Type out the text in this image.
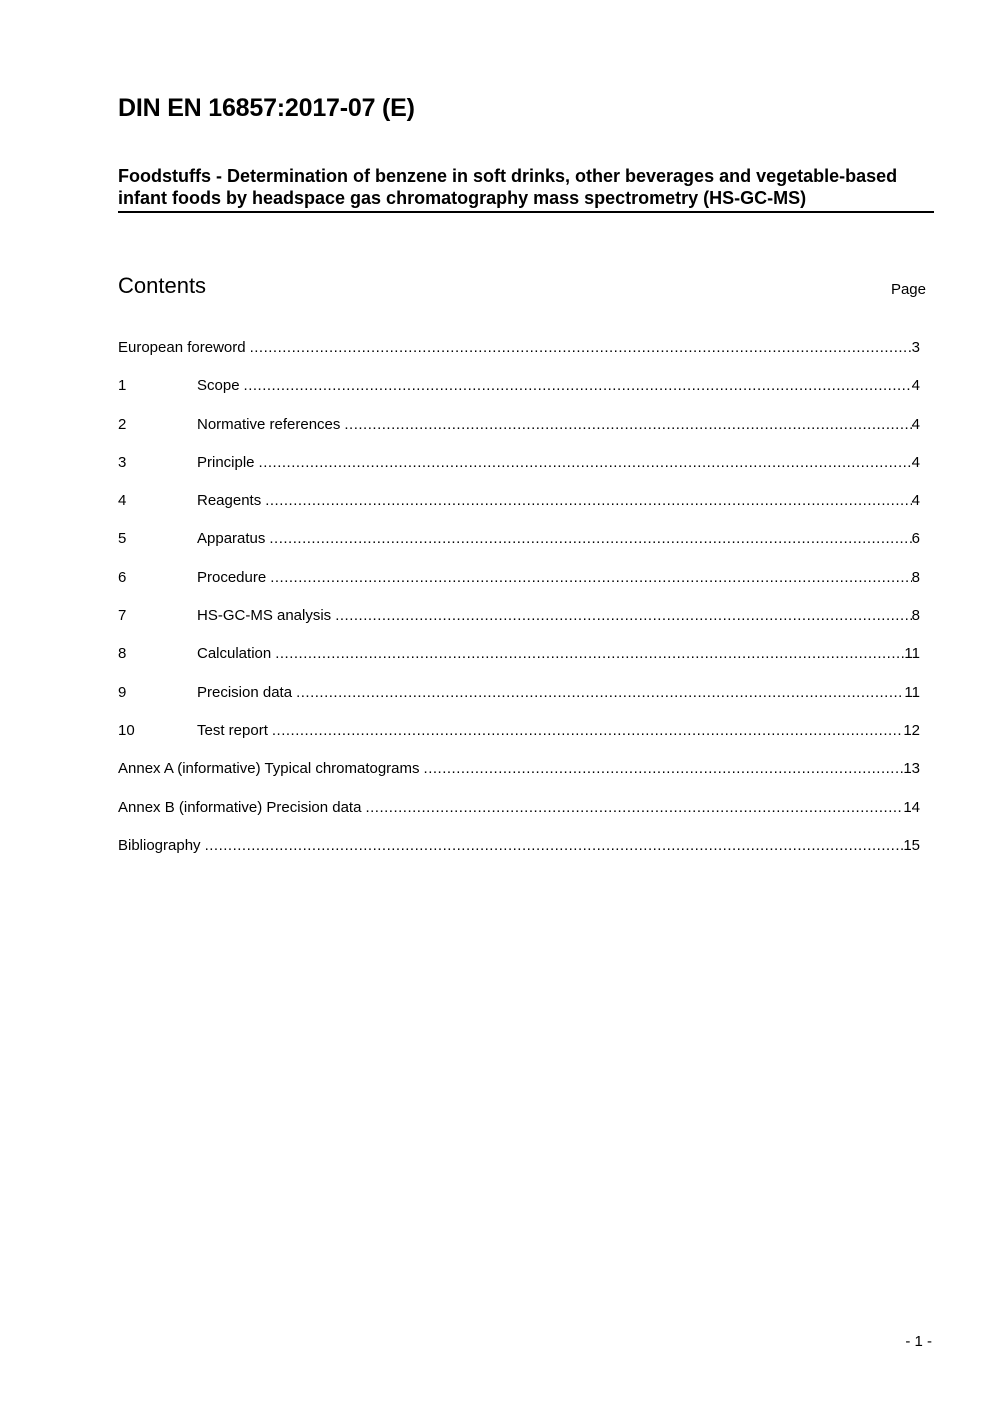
DIN EN 16857:2017-07 (E)
Foodstuffs - Determination of benzene in soft drinks, other beverages and vegetable-based infant foods by headspace gas chromatography mass spectrometry (HS-GC-MS)
Contents	Page
European foreword .....	3
1	Scope .....	4
2	Normative references .....	4
3	Principle .....	4
4	Reagents .....	4
5	Apparatus .....	6
6	Procedure .....	8
7	HS-GC-MS analysis .....	8
8	Calculation .....	11
9	Precision data .....	11
10	Test report .....	12
Annex A (informative) Typical chromatograms .....	13
Annex B (informative) Precision data .....	14
Bibliography .....	15
- 1 -
